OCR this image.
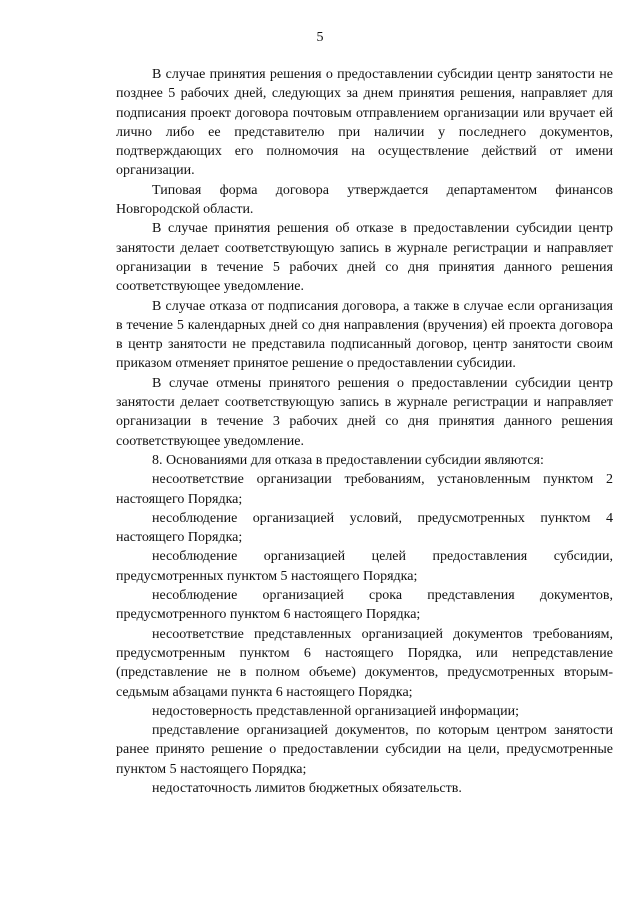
5

В случае принятия решения о предоставлении субсидии центр занятости не позднее 5 рабочих дней, следующих за днем принятия решения, направляет для подписания проект договора почтовым отправлением организации или вручает ей лично либо ее представителю при наличии у последнего документов, подтверждающих его полномочия на осуществление действий от имени организации.

Типовая форма договора утверждается департаментом финансов Новгородской области.

В случае принятия решения об отказе в предоставлении субсидии центр занятости делает соответствующую запись в журнале регистрации и направляет организации в течение 5 рабочих дней со дня принятия данного решения соответствующее уведомление.

В случае отказа от подписания договора, а также в случае если организация в течение 5 календарных дней со дня направления (вручения) ей проекта договора в центр занятости не представила подписанный договор, центр занятости своим приказом отменяет принятое решение о предоставлении субсидии.

В случае отмены принятого решения о предоставлении субсидии центр занятости делает соответствующую запись в журнале регистрации и направляет организации в течение 3 рабочих дней со дня принятия данного решения соответствующее уведомление.

8. Основаниями для отказа в предоставлении субсидии являются:

несоответствие организации требованиям, установленным пунктом 2 настоящего Порядка;

несоблюдение организацией условий, предусмотренных пунктом 4 настоящего Порядка;

несоблюдение организацией целей предоставления субсидии, предусмотренных пунктом 5 настоящего Порядка;

несоблюдение организацией срока представления документов, предусмотренного пунктом 6 настоящего Порядка;

несоответствие представленных организацией документов требованиям, предусмотренным пунктом 6 настоящего Порядка, или непредставление (представление не в полном объеме) документов, предусмотренных вторым-седьмым абзацами пункта 6 настоящего Порядка;

недостоверность представленной организацией информации;

представление организацией документов, по которым центром занятости ранее принято решение о предоставлении субсидии на цели, предусмотренные пунктом 5 настоящего Порядка;

недостаточность лимитов бюджетных обязательств.
